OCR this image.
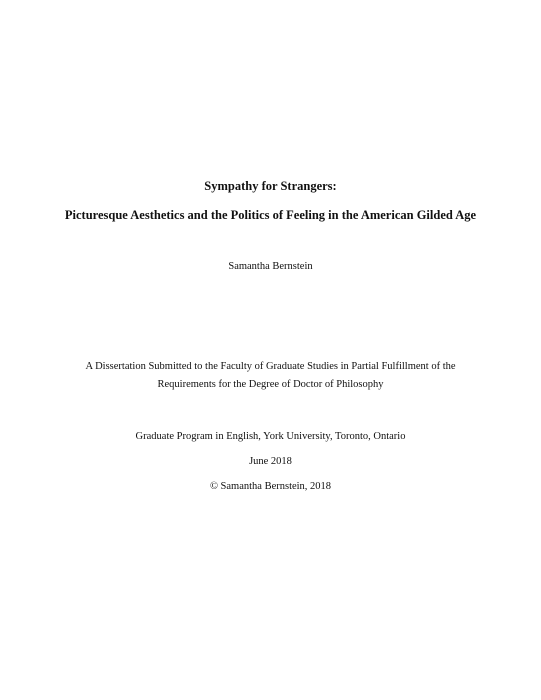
Sympathy for Strangers:
Picturesque Aesthetics and the Politics of Feeling in the American Gilded Age
Samantha Bernstein
A Dissertation Submitted to the Faculty of Graduate Studies in Partial Fulfillment of the
Requirements for the Degree of Doctor of Philosophy
Graduate Program in English, York University, Toronto, Ontario
June 2018
© Samantha Bernstein, 2018
